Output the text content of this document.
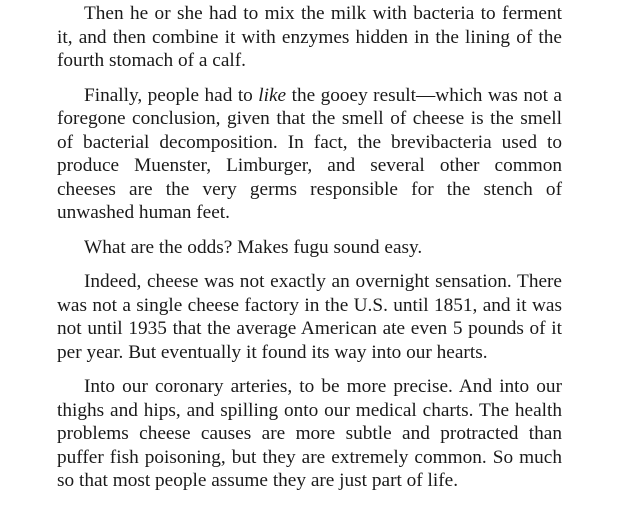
Then he or she had to mix the milk with bacteria to ferment it, and then combine it with enzymes hidden in the lining of the fourth stomach of a calf.

Finally, people had to like the gooey result—which was not a foregone conclusion, given that the smell of cheese is the smell of bacterial decomposition. In fact, the brevibacteria used to produce Muenster, Limburger, and several other common cheeses are the very germs responsible for the stench of unwashed human feet.

What are the odds? Makes fugu sound easy.

Indeed, cheese was not exactly an overnight sensation. There was not a single cheese factory in the U.S. until 1851, and it was not until 1935 that the average American ate even 5 pounds of it per year. But eventually it found its way into our hearts.

Into our coronary arteries, to be more precise. And into our thighs and hips, and spilling onto our medical charts. The health problems cheese causes are more subtle and protracted than puffer fish poisoning, but they are extremely common. So much so that most people assume they are just part of life.
